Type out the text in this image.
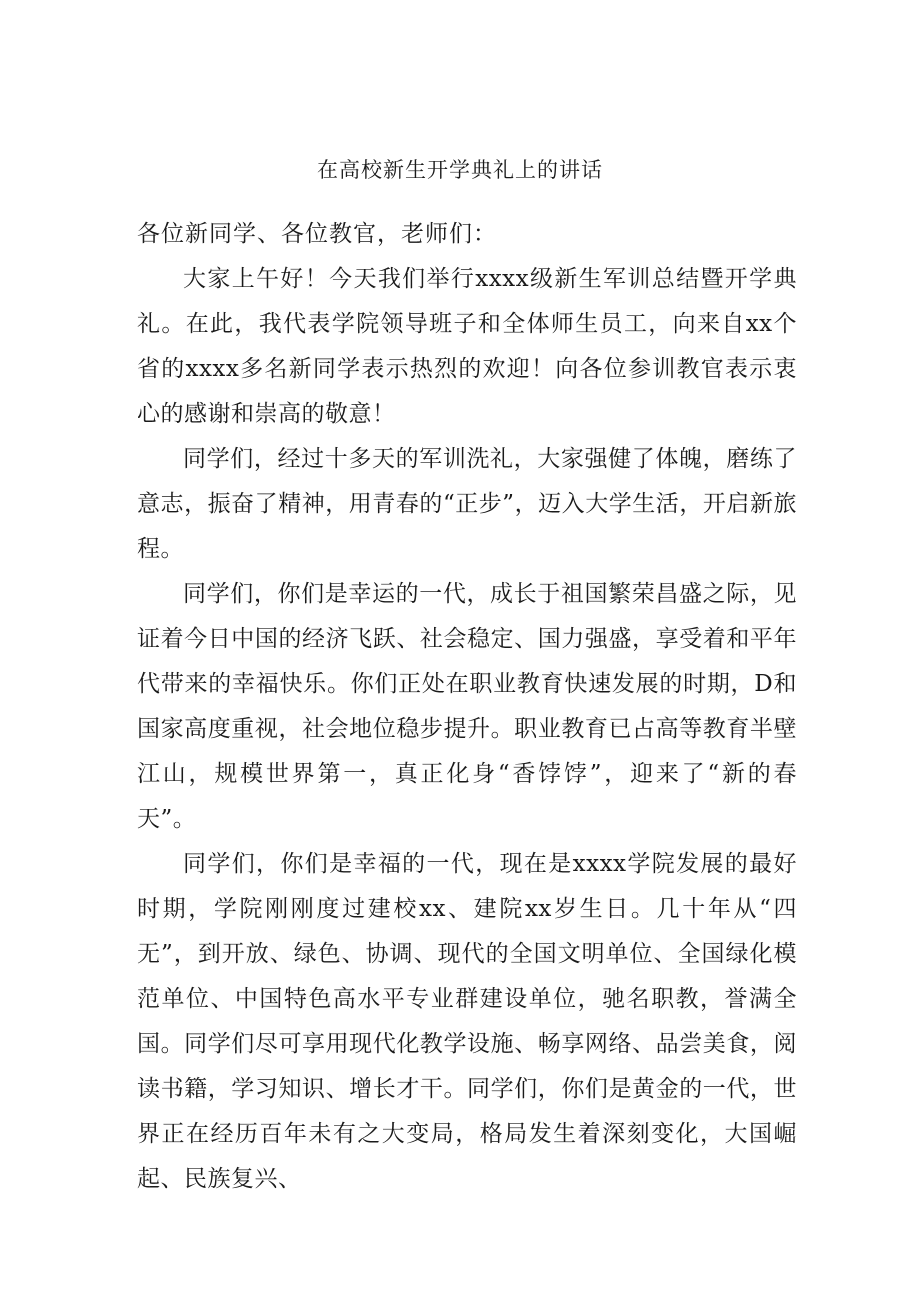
在高校新生开学典礼上的讲话

各位新同学、各位教官，老师们：

大家上午好！今天我们举行xxxx级新生军训总结暨开学典礼。在此，我代表学院领导班子和全体师生员工，向来自xx个省的xxxx多名新同学表示热烈的欢迎！向各位参训教官表示衷心的感谢和崇高的敬意！

同学们，经过十多天的军训洗礼，大家强健了体魄，磨练了意志，振奋了精神，用青春的“正步”，迈入大学生活，开启新旅程。

同学们，你们是幸运的一代，成长于祖国繁荣昌盛之际，见证着今日中国的经济飞跃、社会稳定、国力强盛，享受着和平年代带来的幸福快乐。你们正处在职业教育快速发展的时期，D和国家高度重视，社会地位稳步提升。职业教育已占高等教育半壁江山，规模世界第一，真正化身“香饽饽”，迎来了“新的春天”。

同学们，你们是幸福的一代，现在是xxxx学院发展的最好时期，学院刚刚度过建校xx、建院xx岁生日。几十年从“四无”，到开放、绿色、协调、现代的全国文明单位、全国绿化模范单位、中国特色高水平专业群建设单位，驰名职教，誉满全国。同学们尽可享用现代化教学设施、畅享网络、品尝美食，阅读书籍，学习知识、增长才干。同学们，你们是黄金的一代，世界正在经历百年未有之大变局，格局发生着深刻变化，大国崛起、民族复兴、
